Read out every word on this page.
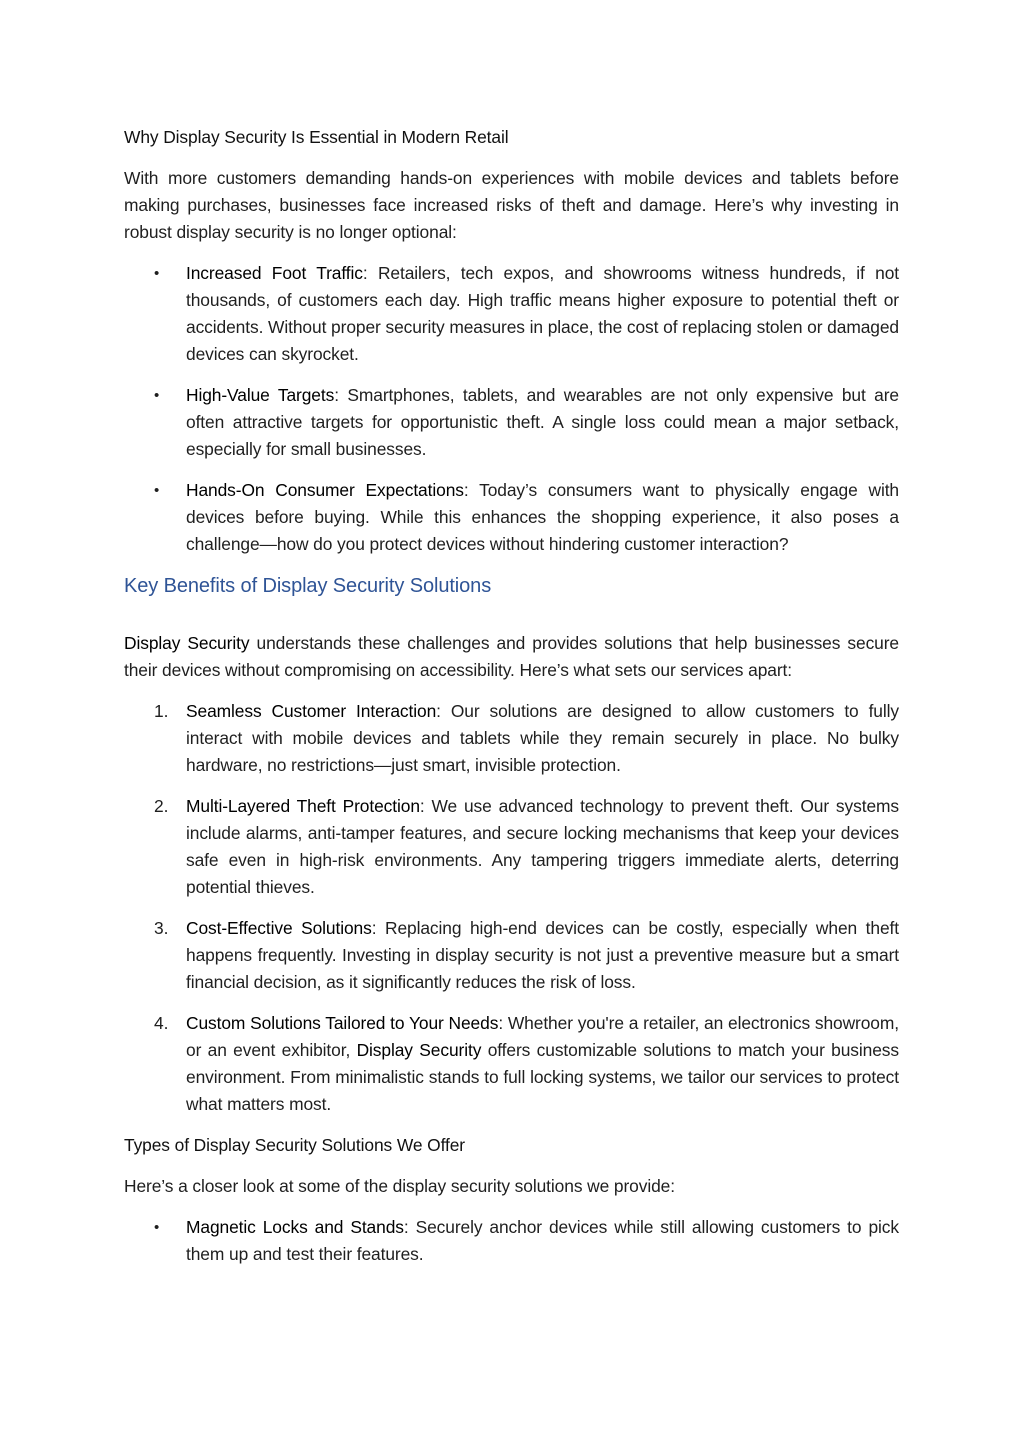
Why Display Security Is Essential in Modern Retail

With more customers demanding hands-on experiences with mobile devices and tablets before making purchases, businesses face increased risks of theft and damage. Here’s why investing in robust display security is no longer optional:

•	Increased Foot Traffic: Retailers, tech expos, and showrooms witness hundreds, if not thousands, of customers each day. High traffic means higher exposure to potential theft or accidents. Without proper security measures in place, the cost of replacing stolen or damaged devices can skyrocket.
•	High-Value Targets: Smartphones, tablets, and wearables are not only expensive but are often attractive targets for opportunistic theft. A single loss could mean a major setback, especially for small businesses.
•	Hands-On Consumer Expectations: Today’s consumers want to physically engage with devices before buying. While this enhances the shopping experience, it also poses a challenge—how do you protect devices without hindering customer interaction?

Key Benefits of Display Security Solutions

Display Security understands these challenges and provides solutions that help businesses secure their devices without compromising on accessibility. Here’s what sets our services apart:

1.	Seamless Customer Interaction: Our solutions are designed to allow customers to fully interact with mobile devices and tablets while they remain securely in place. No bulky hardware, no restrictions—just smart, invisible protection.
2.	Multi-Layered Theft Protection: We use advanced technology to prevent theft. Our systems include alarms, anti-tamper features, and secure locking mechanisms that keep your devices safe even in high-risk environments. Any tampering triggers immediate alerts, deterring potential thieves.
3.	Cost-Effective Solutions: Replacing high-end devices can be costly, especially when theft happens frequently. Investing in display security is not just a preventive measure but a smart financial decision, as it significantly reduces the risk of loss.
4.	Custom Solutions Tailored to Your Needs: Whether you're a retailer, an electronics showroom, or an event exhibitor, Display Security offers customizable solutions to match your business environment. From minimalistic stands to full locking systems, we tailor our services to protect what matters most.

Types of Display Security Solutions We Offer

Here’s a closer look at some of the display security solutions we provide:

•	Magnetic Locks and Stands: Securely anchor devices while still allowing customers to pick them up and test their features.
